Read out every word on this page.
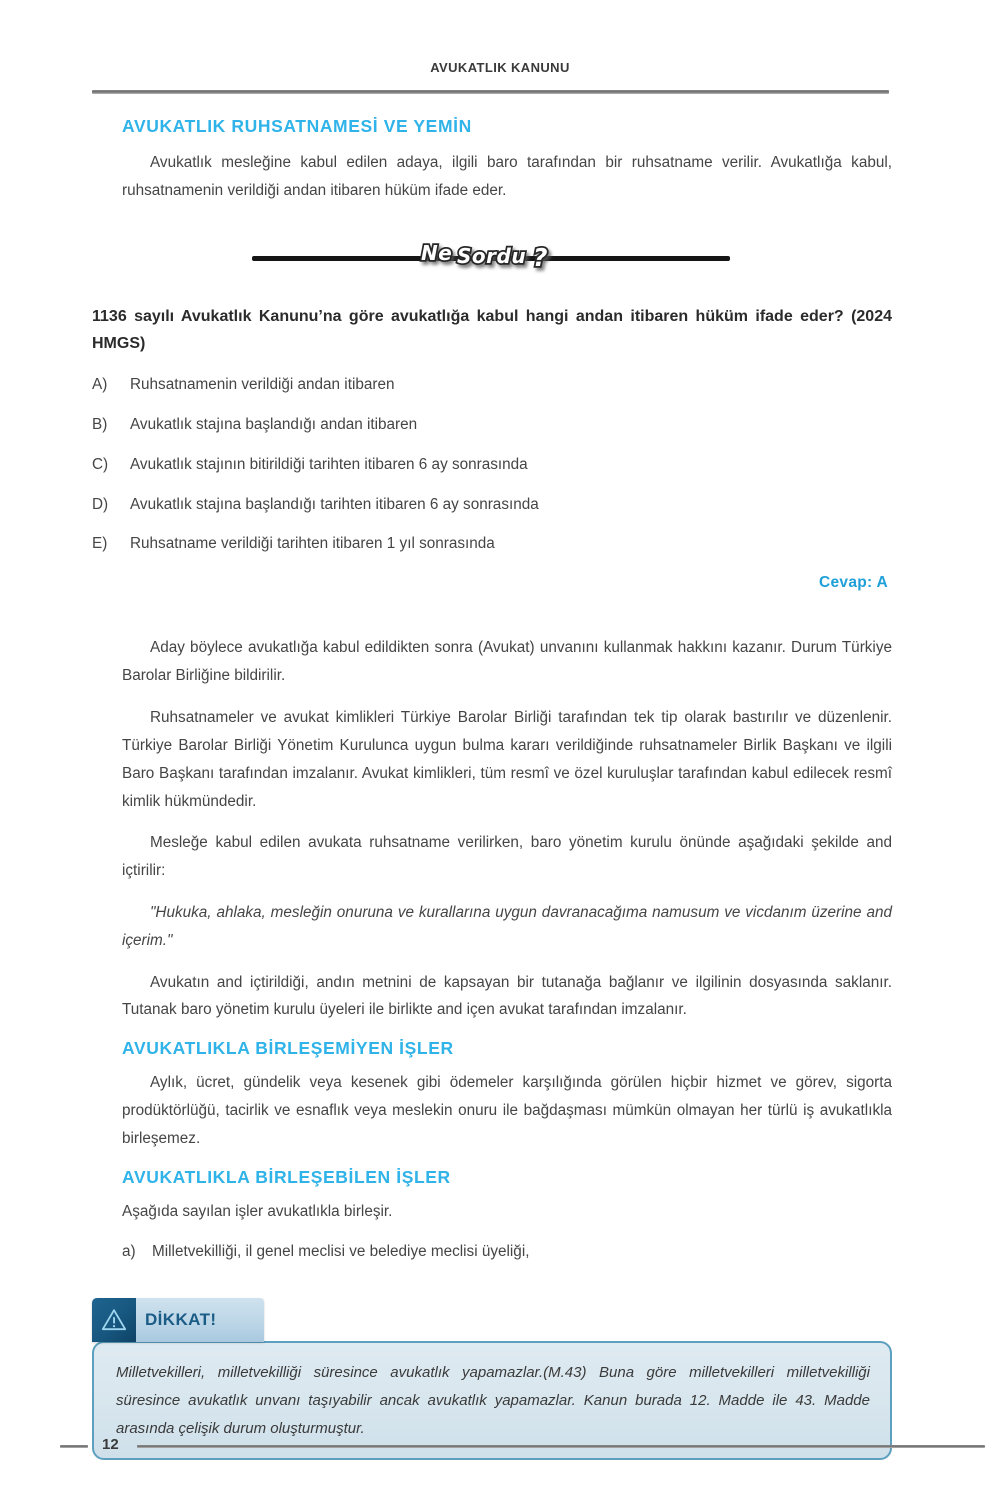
AVUKATLIK KANUNU
AVUKATLIK RUHSATNAMESİ VE YEMİN

Avukatlık mesleğine kabul edilen adaya, ilgili baro tarafından bir ruhsatname verilir. Avukatlığa kabul, ruhsatnamenin verildiği andan itibaren hüküm ifade eder.

Ne Sordu ?

1136 sayılı Avukatlık Kanunu’na göre avukatlığa kabul hangi andan itibaren hüküm ifade eder? (2024 HMGS)

A)	Ruhsatnamenin verildiği andan itibaren
B)	Avukatlık stajına başlandığı andan itibaren
C)	Avukatlık stajının bitirildiği tarihten itibaren 6 ay sonrasında
D)	Avukatlık stajına başlandığı tarihten itibaren 6 ay sonrasında
E)	Ruhsatname verildiği tarihten itibaren 1 yıl sonrasında
Cevap: A

Aday böylece avukatlığa kabul edildikten sonra (Avukat) unvanını kullanmak hakkını kazanır. Durum Türkiye Barolar Birliğine bildirilir.

Ruhsatnameler ve avukat kimlikleri Türkiye Barolar Birliği tarafından tek tip olarak bastırılır ve düzenlenir. Türkiye Barolar Birliği Yönetim Kurulunca uygun bulma kararı verildiğinde ruhsatnameler Birlik Başkanı ve ilgili Baro Başkanı tarafından imzalanır. Avukat kimlikleri, tüm resmî ve özel kuruluşlar tarafından kabul edilecek resmî kimlik hükmündedir.

Mesleğe kabul edilen avukata ruhsatname verilirken, baro yönetim kurulu önünde aşağıdaki şekilde and içtirilir:

"Hukuka, ahlaka, mesleğin onuruna ve kurallarına uygun davranacağıma namusum ve vicdanım üzerine and içerim."

Avukatın and içtirildiği, andın metnini de kapsayan bir tutanağa bağlanır ve ilgilinin dosyasında saklanır. Tutanak baro yönetim kurulu üyeleri ile birlikte and içen avukat tarafından imzalanır.

AVUKATLIKLA BİRLEŞEMİYEN İŞLER

Aylık, ücret, gündelik veya kesenek gibi ödemeler karşılığında görülen hiçbir hizmet ve görev, sigorta prodüktörlüğü, tacirlik ve esnaflık veya meslekin onuru ile bağdaşması mümkün olmayan her türlü iş avukatlıkla birleşemez.

AVUKATLIKLA BİRLEŞEBİLEN İŞLER

Aşağıda sayılan işler avukatlıkla birleşir.

a)	Milletvekilliği, il genel meclisi ve belediye meclisi üyeliği,
DİKKAT!

Milletvekilleri, milletvekilliği süresince avukatlık yapamazlar.(M.43) Buna göre milletvekilleri milletvekilliği süresince avukatlık unvanı taşıyabilir ancak avukatlık yapamazlar. Kanun burada 12. Madde ile 43. Madde arasında çelişik durum oluşturmuştur.

12
